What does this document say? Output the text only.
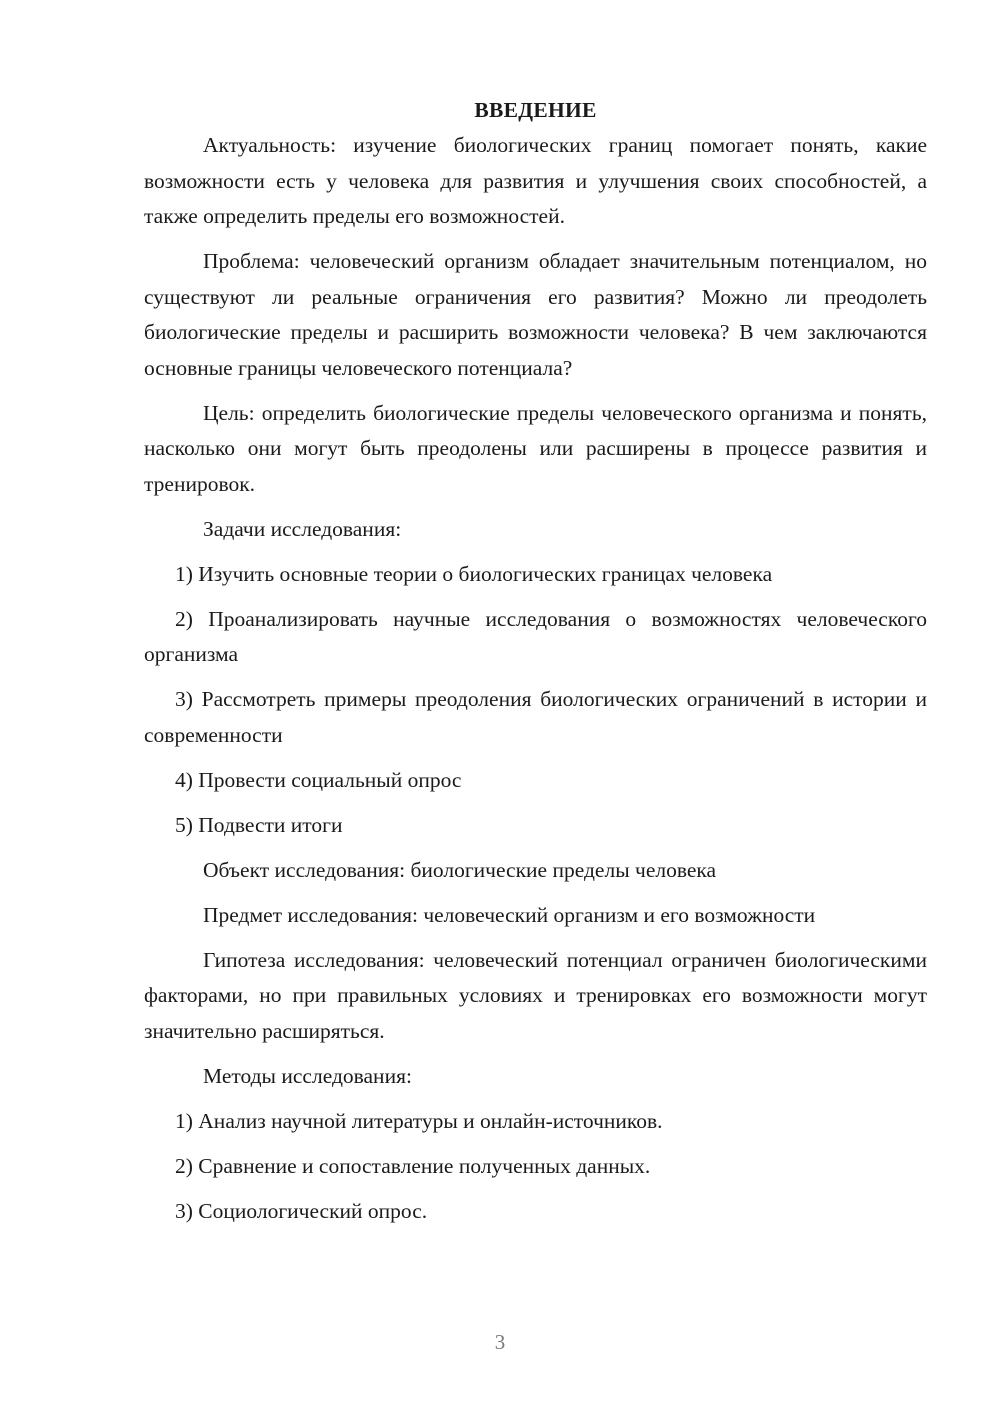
ВВЕДЕНИЕ

Актуальность: изучение биологических границ помогает понять, какие возможности есть у человека для развития и улучшения своих способностей, а также определить пределы его возможностей.

Проблема: человеческий организм обладает значительным потенциалом, но существуют ли реальные ограничения его развития? Можно ли преодолеть биологические пределы и расширить возможности человека? В чем заключаются основные границы человеческого потенциала?

Цель: определить биологические пределы человеческого организма и понять, насколько они могут быть преодолены или расширены в процессе развития и тренировок.

Задачи исследования:

1) Изучить основные теории о биологических границах человека

2) Проанализировать научные исследования о возможностях человеческого организма

3) Рассмотреть примеры преодоления биологических ограничений в истории и современности

4) Провести социальный опрос

5) Подвести итоги

Объект исследования: биологические пределы человека

Предмет исследования: человеческий организм и его возможности

Гипотеза исследования: человеческий потенциал ограничен биологическими факторами, но при правильных условиях и тренировках его возможности могут значительно расширяться.

Методы исследования:

1) Анализ научной литературы и онлайн-источников.

2) Сравнение и сопоставление полученных данных.

3) Социологический опрос.

3
